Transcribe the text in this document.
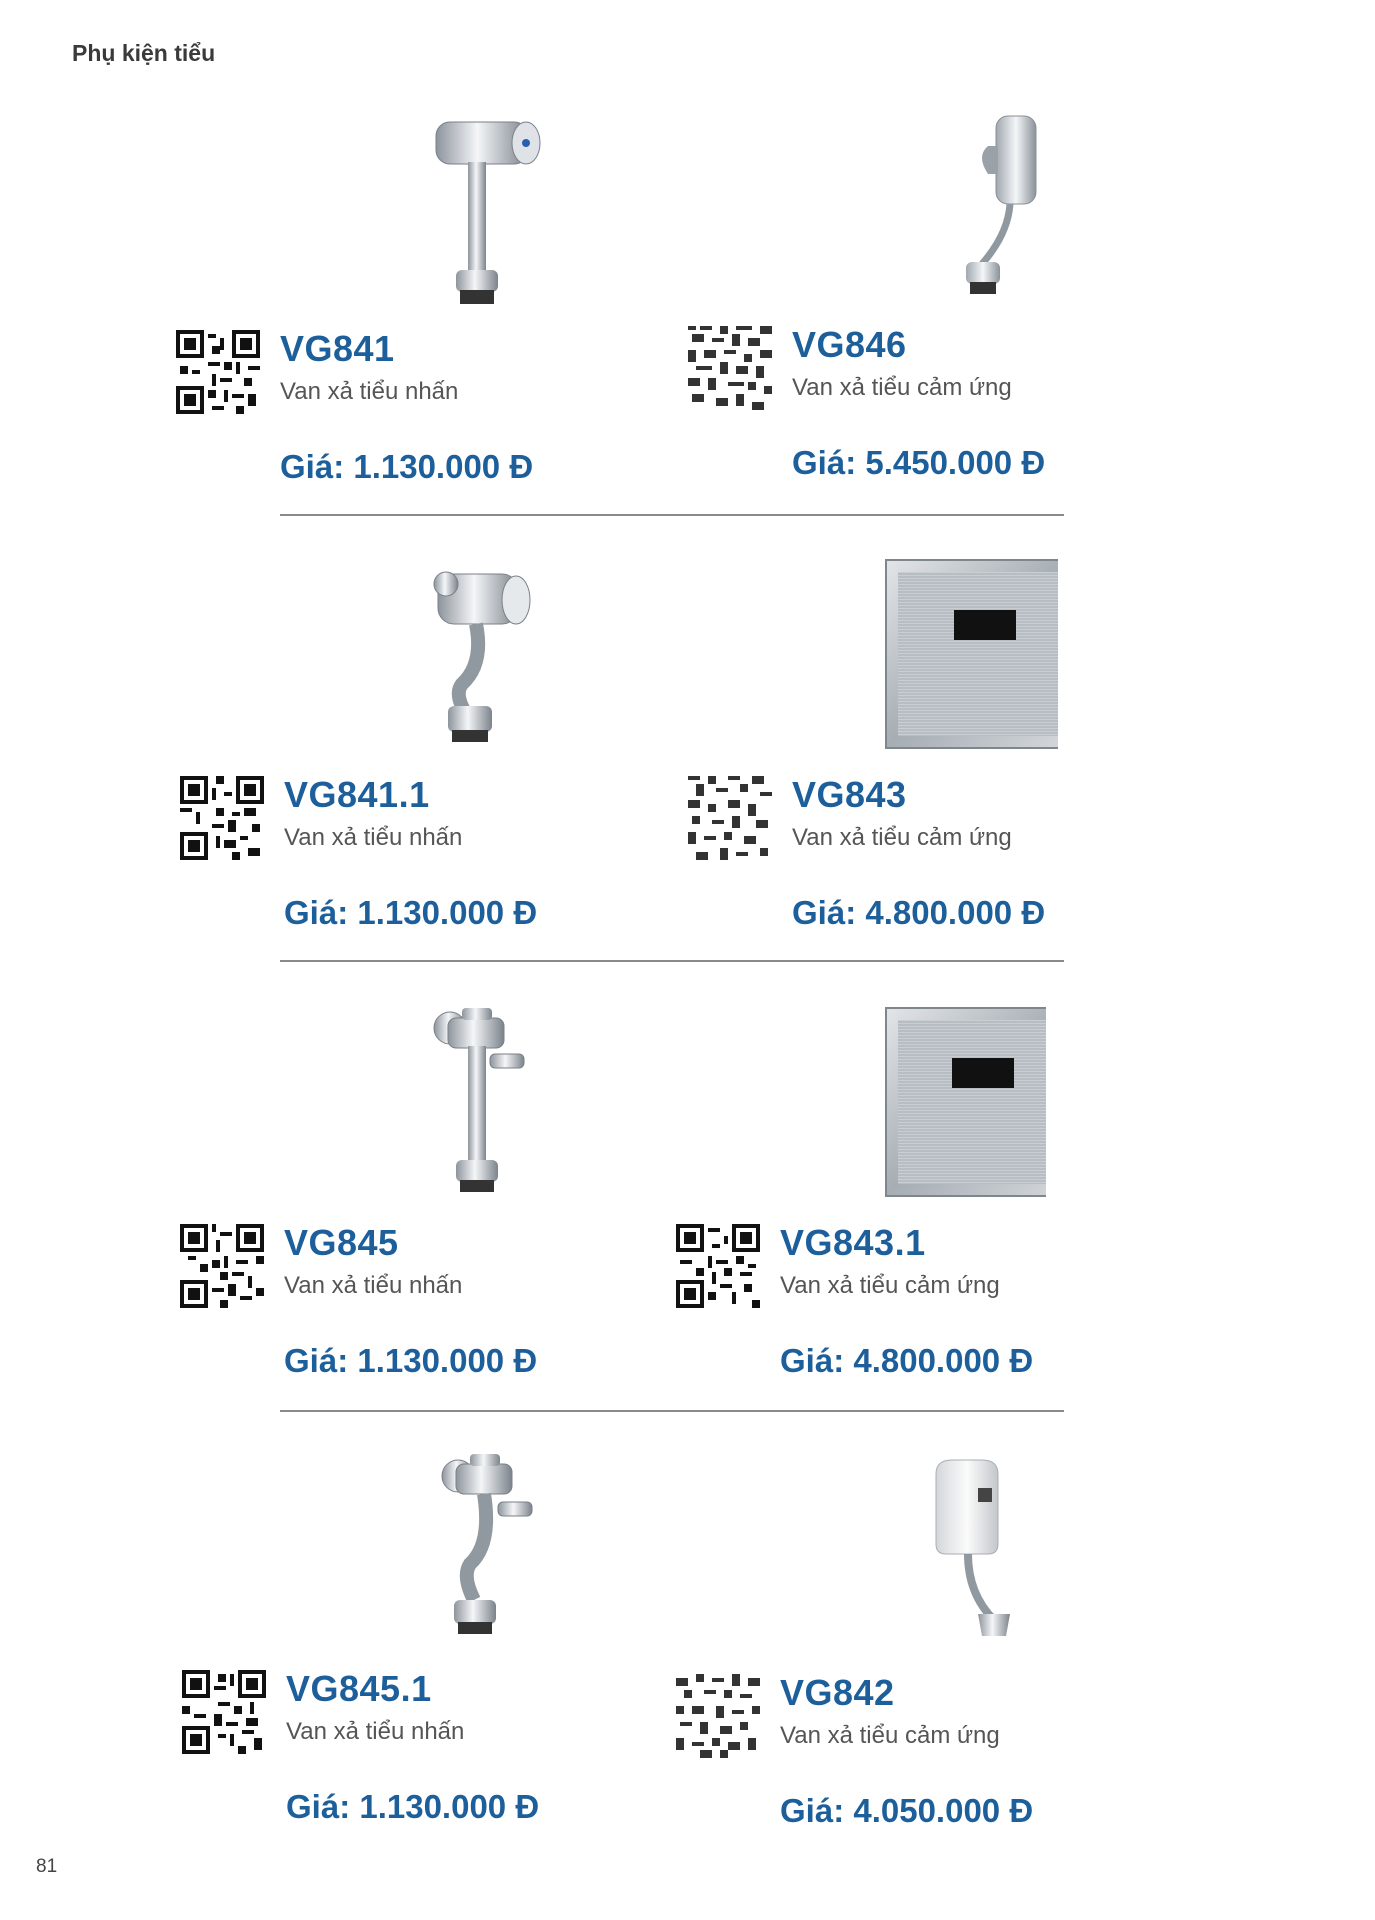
Phụ kiện tiểu
VG841
Van xả tiểu nhấn
Giá: 1.130.000 Đ
VG846
Van xả tiểu cảm ứng
Giá: 5.450.000 Đ
VG841.1
Van xả tiểu nhấn
Giá: 1.130.000 Đ
VG843
Van xả tiểu cảm ứng
Giá: 4.800.000 Đ
VG845
Van xả tiểu nhấn
Giá: 1.130.000 Đ
VG843.1
Van xả tiểu cảm ứng
Giá: 4.800.000 Đ
VG845.1
Van xả tiểu nhấn
Giá: 1.130.000 Đ
VG842
Van xả tiểu cảm ứng
Giá: 4.050.000 Đ
81
